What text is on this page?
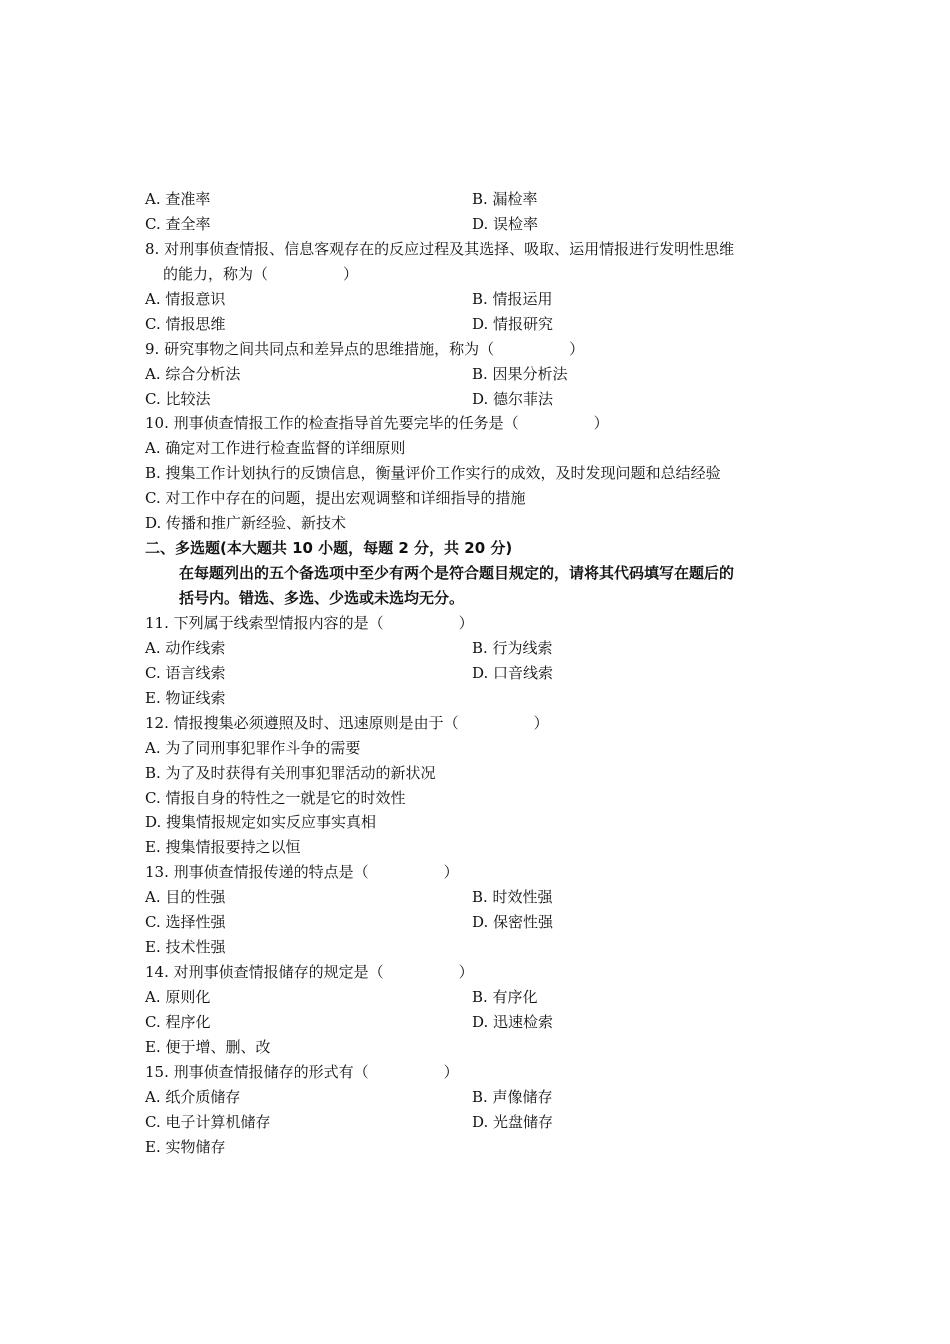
A. 查准率	B. 漏检率
C. 查全率	D. 误检率
8. 对刑事侦查情报、信息客观存在的反应过程及其选择、吸取、运用情报进行发明性思维
的能力，称为（　　　　　）
A. 情报意识	B. 情报运用
C. 情报思维	D. 情报研究
9. 研究事物之间共同点和差异点的思维措施，称为（　　　　　）
A. 综合分析法	B. 因果分析法
C. 比较法	D. 德尔菲法
10. 刑事侦查情报工作的检查指导首先要完毕的任务是（　　　　　）
A. 确定对工作进行检查监督的详细原则
B. 搜集工作计划执行的反馈信息，衡量评价工作实行的成效，及时发现问题和总结经验
C. 对工作中存在的问题，提出宏观调整和详细指导的措施
D. 传播和推广新经验、新技术
二、多选题(本大题共 10 小题，每题 2 分，共 20 分)
在每题列出的五个备选项中至少有两个是符合题目规定的，请将其代码填写在题后的
括号内。错选、多选、少选或未选均无分。
11. 下列属于线索型情报内容的是（　　　　　）
A. 动作线索	B. 行为线索
C. 语言线索	D. 口音线索
E. 物证线索
12. 情报搜集必须遵照及时、迅速原则是由于（　　　　　）
A. 为了同刑事犯罪作斗争的需要
B. 为了及时获得有关刑事犯罪活动的新状况
C. 情报自身的特性之一就是它的时效性
D. 搜集情报规定如实反应事实真相
E. 搜集情报要持之以恒
13. 刑事侦查情报传递的特点是（　　　　　）
A. 目的性强	B. 时效性强
C. 选择性强	D. 保密性强
E. 技术性强
14. 对刑事侦查情报储存的规定是（　　　　　）
A. 原则化	B. 有序化
C. 程序化	D. 迅速检索
E. 便于增、删、改
15. 刑事侦查情报储存的形式有（　　　　　）
A. 纸介质储存	B. 声像储存
C. 电子计算机储存	D. 光盘储存
E. 实物储存
